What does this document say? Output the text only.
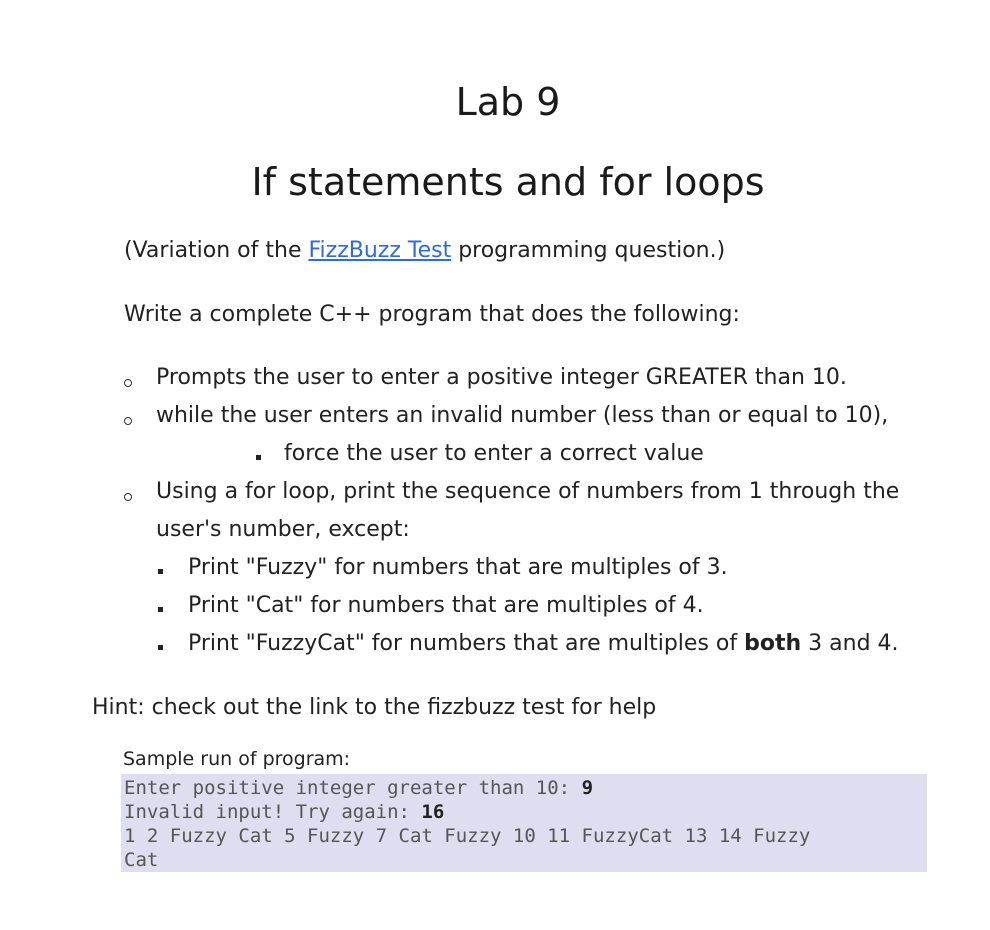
Lab 9
If statements and for loops
(Variation of the FizzBuzz Test programming question.)
Write a complete C++ program that does the following:
Prompts the user to enter a positive integer GREATER than 10.
while the user enters an invalid number (less than or equal to 10),
force the user to enter a correct value
Using a for loop, print the sequence of numbers from 1 through the
user's number, except:
Print "Fuzzy" for numbers that are multiples of 3.
Print "Cat" for numbers that are multiples of 4.
Print "FuzzyCat" for numbers that are multiples of both 3 and 4.
Hint: check out the link to the fizzbuzz test for help
Sample run of program:
Enter positive integer greater than 10: 9
Invalid input! Try again: 16
1 2 Fuzzy Cat 5 Fuzzy 7 Cat Fuzzy 10 11 FuzzyCat 13 14 Fuzzy
Cat
